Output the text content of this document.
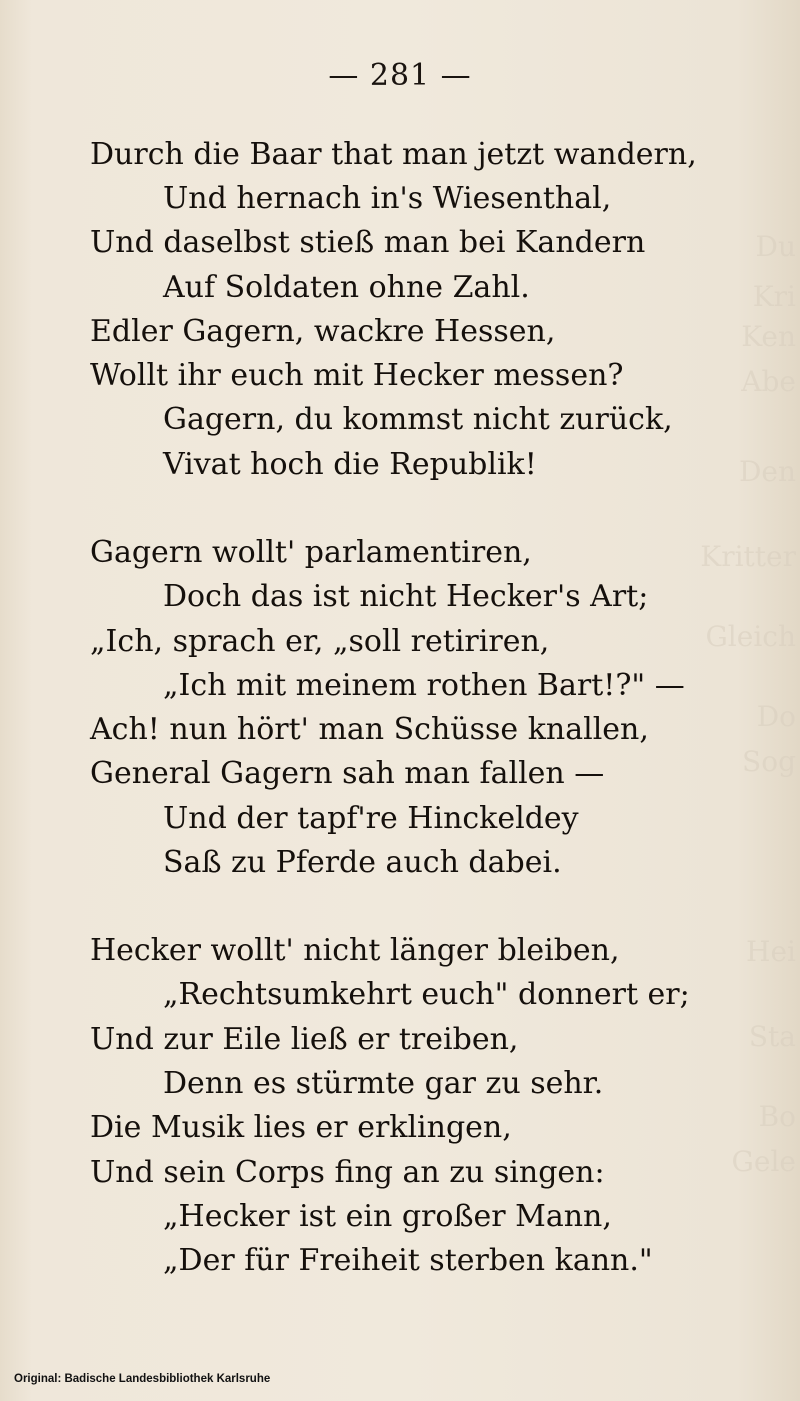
Du
Kri
Ken
Abe
Den
Kritter
Gleich
Do
Sog
Hei
Sta
Bo
Gele
— 281 —
Durch die Baar that man jetzt wandern,
Und hernach in's Wiesenthal,
Und daselbst stieß man bei Kandern
Auf Soldaten ohne Zahl.
Edler Gagern, wackre Hessen,
Wollt ihr euch mit Hecker messen?
Gagern, du kommst nicht zurück,
Vivat hoch die Republik!
Gagern wollt' parlamentiren,
Doch das ist nicht Hecker's Art;
„Ich, sprach er, „soll retiriren,
„Ich mit meinem rothen Bart!?" —
Ach! nun hört' man Schüsse knallen,
General Gagern sah man fallen —
Und der tapf're Hinckeldey
Saß zu Pferde auch dabei.
Hecker wollt' nicht länger bleiben,
„Rechtsumkehrt euch" donnert er;
Und zur Eile ließ er treiben,
Denn es stürmte gar zu sehr.
Die Musik lies er erklingen,
Und sein Corps fing an zu singen:
„Hecker ist ein großer Mann,
„Der für Freiheit sterben kann."
Original: Badische Landesbibliothek Karlsruhe
